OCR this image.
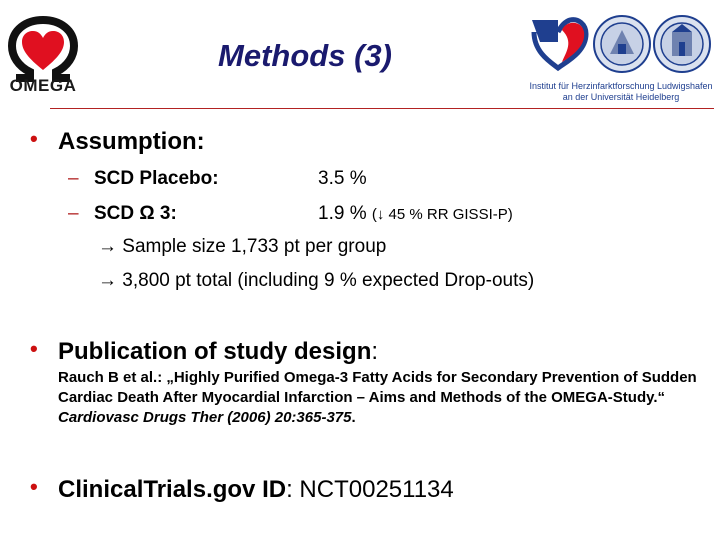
OMEGA
Methods (3)
Institut für Herzinfarktforschung Ludwigshafen
an der Universität Heidelberg
• Assumption:
– SCD Placebo:	3.5 %
– SCD Ω 3:	1.9 % (↓ 45 % RR GISSI-P)
→ Sample size 1,733 pt per group
→ 3,800 pt total (including 9 % expected Drop-outs)
• Publication of study design:
Rauch B et al.: „Highly Purified Omega-3 Fatty Acids for Secondary Prevention of Sudden Cardiac Death After Myocardial Infarction – Aims and Methods of the OMEGA-Study.“ Cardiovasc Drugs Ther (2006) 20:365-375.
• ClinicalTrials.gov ID: NCT00251134
